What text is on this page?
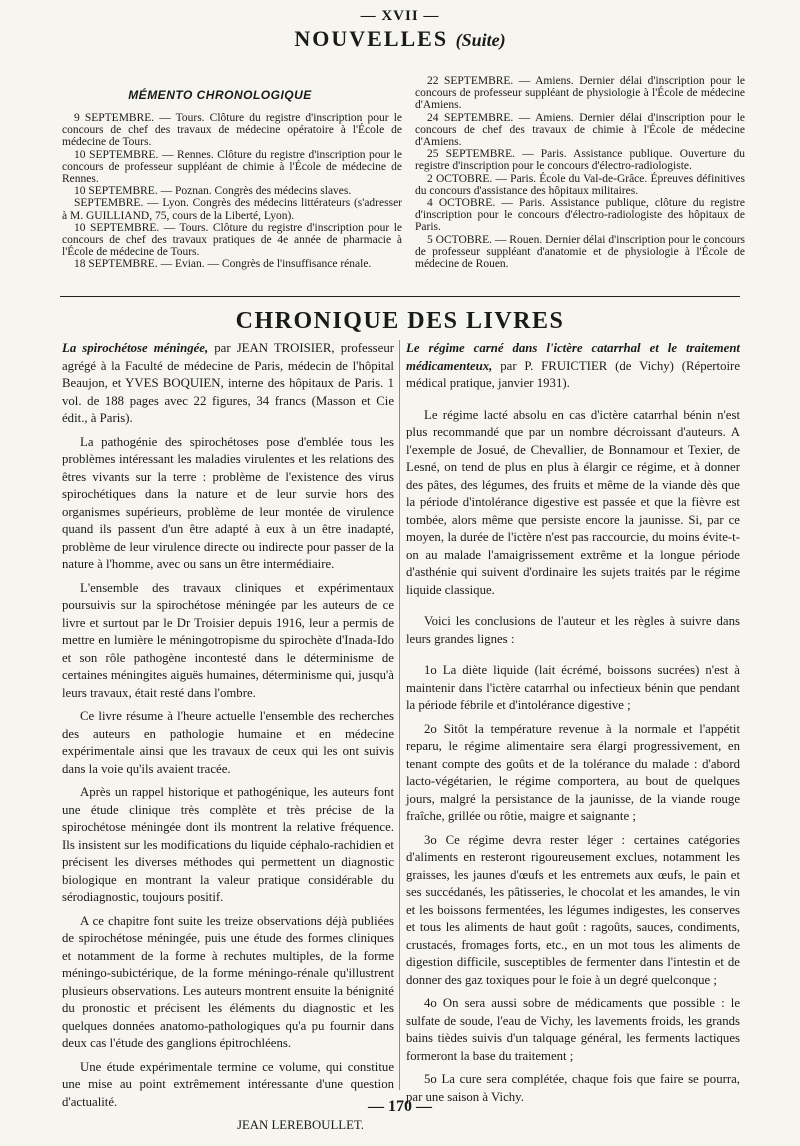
— XVII —
NOUVELLES (Suite)
MÉMENTO CHRONOLOGIQUE

9 SEPTEMBRE. — Tours. Clôture du registre d'inscription pour le concours de chef des travaux de médecine opératoire à l'École de médecine de Tours.

10 SEPTEMBRE. — Rennes. Clôture du registre d'inscription pour le concours de professeur suppléant de chimie à l'École de médecine de Rennes.

10 SEPTEMBRE. — Poznan. Congrès des médecins slaves.

SEPTEMBRE. — Lyon. Congrès des médecins littérateurs (s'adresser à M. GUILLIAND, 75, cours de la Liberté, Lyon).

10 SEPTEMBRE. — Tours. Clôture du registre d'inscription pour le concours de chef des travaux pratiques de 4e année de pharmacie à l'École de médecine de Tours.

18 SEPTEMBRE. — Evian. — Congrès de l'insuffisance rénale.

22 SEPTEMBRE. — Amiens. Dernier délai d'inscription pour le concours de professeur suppléant de physiologie à l'École de médecine d'Amiens.

24 SEPTEMBRE. — Amiens. Dernier délai d'inscription pour le concours de chef des travaux de chimie à l'École de médecine d'Amiens.

25 SEPTEMBRE. — Paris. Assistance publique. Ouverture du registre d'inscription pour le concours d'électro-radiologiste.

2 OCTOBRE. — Paris. École du Val-de-Grâce. Épreuves définitives du concours d'assistance des hôpitaux militaires.

4 OCTOBRE. — Paris. Assistance publique, clôture du registre d'inscription pour le concours d'électro-radiologiste des hôpitaux de Paris.

5 OCTOBRE. — Rouen. Dernier délai d'inscription pour le concours de professeur suppléant d'anatomie et de physiologie à l'École de médecine de Rouen.

CHRONIQUE DES LIVRES

La spirochétose méningée, par JEAN TROISIER, professeur agrégé à la Faculté de médecine de Paris, médecin de l'hôpital Beaujon, et YVES BOQUIEN, interne des hôpitaux de Paris. 1 vol. de 188 pages avec 22 figures, 34 francs (Masson et Cie édit., à Paris).

La pathogénie des spirochétoses pose d'emblée tous les problèmes intéressant les maladies virulentes et les relations des êtres vivants sur la terre : problème de l'existence des virus spirochétiques dans la nature et de leur survie hors des organismes supérieurs, problème de leur montée de virulence quand ils passent d'un être adapté à eux à un être inadapté, problème de leur virulence directe ou indirecte pour passer de la nature à l'homme, avec ou sans un être intermédiaire.

L'ensemble des travaux cliniques et expérimentaux poursuivis sur la spirochétose méningée par les auteurs de ce livre et surtout par le Dr Troisier depuis 1916, leur a permis de mettre en lumière le méningotropisme du spirochète d'Inada-Ido et son rôle pathogène incontesté dans le déterminisme de certaines méningites aiguës humaines, déterminisme qui, jusqu'à leurs travaux, était resté dans l'ombre.

Ce livre résume à l'heure actuelle l'ensemble des recherches des auteurs en pathologie humaine et en médecine expérimentale ainsi que les travaux de ceux qui les ont suivis dans la voie qu'ils avaient tracée.

Après un rappel historique et pathogénique, les auteurs font une étude clinique très complète et très précise de la spirochétose méningée dont ils montrent la relative fréquence. Ils insistent sur les modifications du liquide céphalo-rachidien et précisent les diverses méthodes qui permettent un diagnostic biologique en montrant la valeur pratique considérable du sérodiagnostic, toujours positif.

A ce chapitre font suite les treize observations déjà publiées de spirochétose méningée, puis une étude des formes cliniques et notamment de la forme à rechutes multiples, de la forme méningo-subictérique, de la forme méningo-rénale qu'illustrent plusieurs observations. Les auteurs montrent ensuite la bénignité du pronostic et précisent les éléments du diagnostic et les quelques données anatomo-pathologiques qu'a pu fournir dans deux cas l'étude des ganglions épitrochléens.

Une étude expérimentale termine ce volume, qui constitue une mise au point extrêmement intéressante d'une question d'actualité.

JEAN LEREBOULLET.

Le régime carné dans l'ictère catarrhal et le traitement médicamenteux, par P. FRUICTIER (de Vichy) (Répertoire médical pratique, janvier 1931).

Le régime lacté absolu en cas d'ictère catarrhal bénin n'est plus recommandé que par un nombre décroissant d'auteurs. A l'exemple de Josué, de Chevallier, de Bonnamour et Texier, de Lesné, on tend de plus en plus à élargir ce régime, et à donner des pâtes, des légumes, des fruits et même de la viande dès que la période d'intolérance digestive est passée et que la fièvre est tombée, alors même que persiste encore la jaunisse. Si, par ce moyen, la durée de l'ictère n'est pas raccourcie, du moins évite-t-on au malade l'amaigrissement extrême et la longue période d'asthénie qui suivent d'ordinaire les sujets traités par le régime liquide classique.

Voici les conclusions de l'auteur et les règles à suivre dans leurs grandes lignes :

1o La diète liquide (lait écrémé, boissons sucrées) n'est à maintenir dans l'ictère catarrhal ou infectieux bénin que pendant la période fébrile et d'intolérance digestive ;

2o Sitôt la température revenue à la normale et l'appétit reparu, le régime alimentaire sera élargi progressivement, en tenant compte des goûts et de la tolérance du malade : d'abord lacto-végétarien, le régime comportera, au bout de quelques jours, malgré la persistance de la jaunisse, de la viande rouge fraîche, grillée ou rôtie, maigre et saignante ;

3o Ce régime devra rester léger : certaines catégories d'aliments en resteront rigoureusement exclues, notamment les graisses, les jaunes d'œufs et les entremets aux œufs, le pain et ses succédanés, les pâtisseries, le chocolat et les amandes, le vin et les boissons fermentées, les légumes indigestes, les conserves et tous les aliments de haut goût : ragoûts, sauces, condiments, crustacés, fromages forts, etc., en un mot tous les aliments de digestion difficile, susceptibles de fermenter dans l'intestin et de donner des gaz toxiques pour le foie à un degré quelconque ;

4o On sera aussi sobre de médicaments que possible : le sulfate de soude, l'eau de Vichy, les lavements froids, les grands bains tièdes suivis d'un talquage général, les ferments lactiques formeront la base du traitement ;

5o La cure sera complétée, chaque fois que faire se pourra, par une saison à Vichy.

— 170 —
